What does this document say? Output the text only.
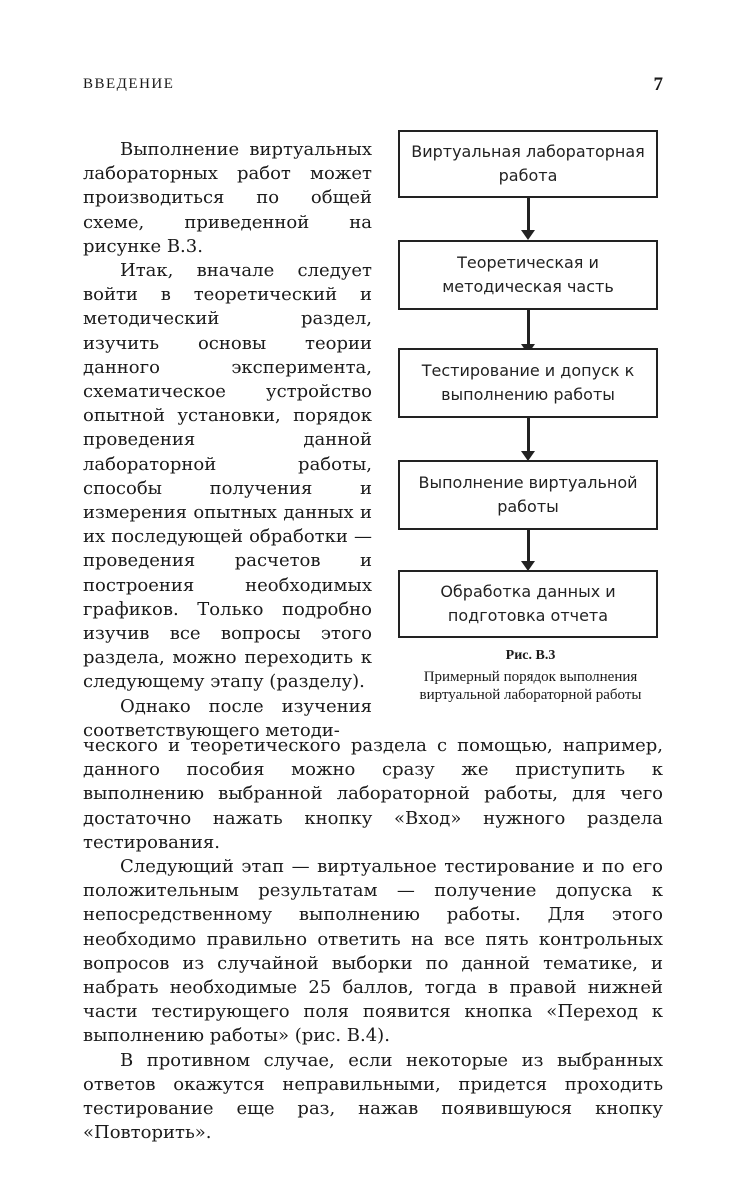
ВВЕДЕНИЕ	7

Выполнение виртуальных лабораторных работ может производиться по общей схеме, приведенной на рисунке В.3.

Итак, вначале следует войти в теоретический и методический раздел, изучить основы теории данного эксперимента, схематическое устройство опытной установки, порядок проведения данной лабораторной работы, способы получения и измерения опытных данных и их последующей обработки — проведения расчетов и построения необходимых графиков. Только подробно изучив все вопросы этого раздела, можно переходить к следующему этапу (разделу).

Однако после изучения соответствующего методи-

Виртуальная лабораторная работа
Теоретическая и методическая часть
Тестирование и допуск к выполнению работы
Выполнение виртуальной работы
Обработка данных и подготовка отчета
Рис. В.3
Примерный порядок выполнения виртуальной лабораторной работы

ческого и теоретического раздела с помощью, например, данного пособия можно сразу же приступить к выполнению выбранной лабораторной работы, для чего достаточно нажать кнопку «Вход» нужного раздела тестирования.

Следующий этап — виртуальное тестирование и по его положительным результатам — получение допуска к непосредственному выполнению работы. Для этого необходимо правильно ответить на все пять контрольных вопросов из случайной выборки по данной тематике, и набрать необходимые 25 баллов, тогда в правой нижней части тестирующего поля появится кнопка «Переход к выполнению работы» (рис. В.4).

В противном случае, если некоторые из выбранных ответов окажутся неправильными, придется проходить тестирование еще раз, нажав появившуюся кнопку «Повторить».
